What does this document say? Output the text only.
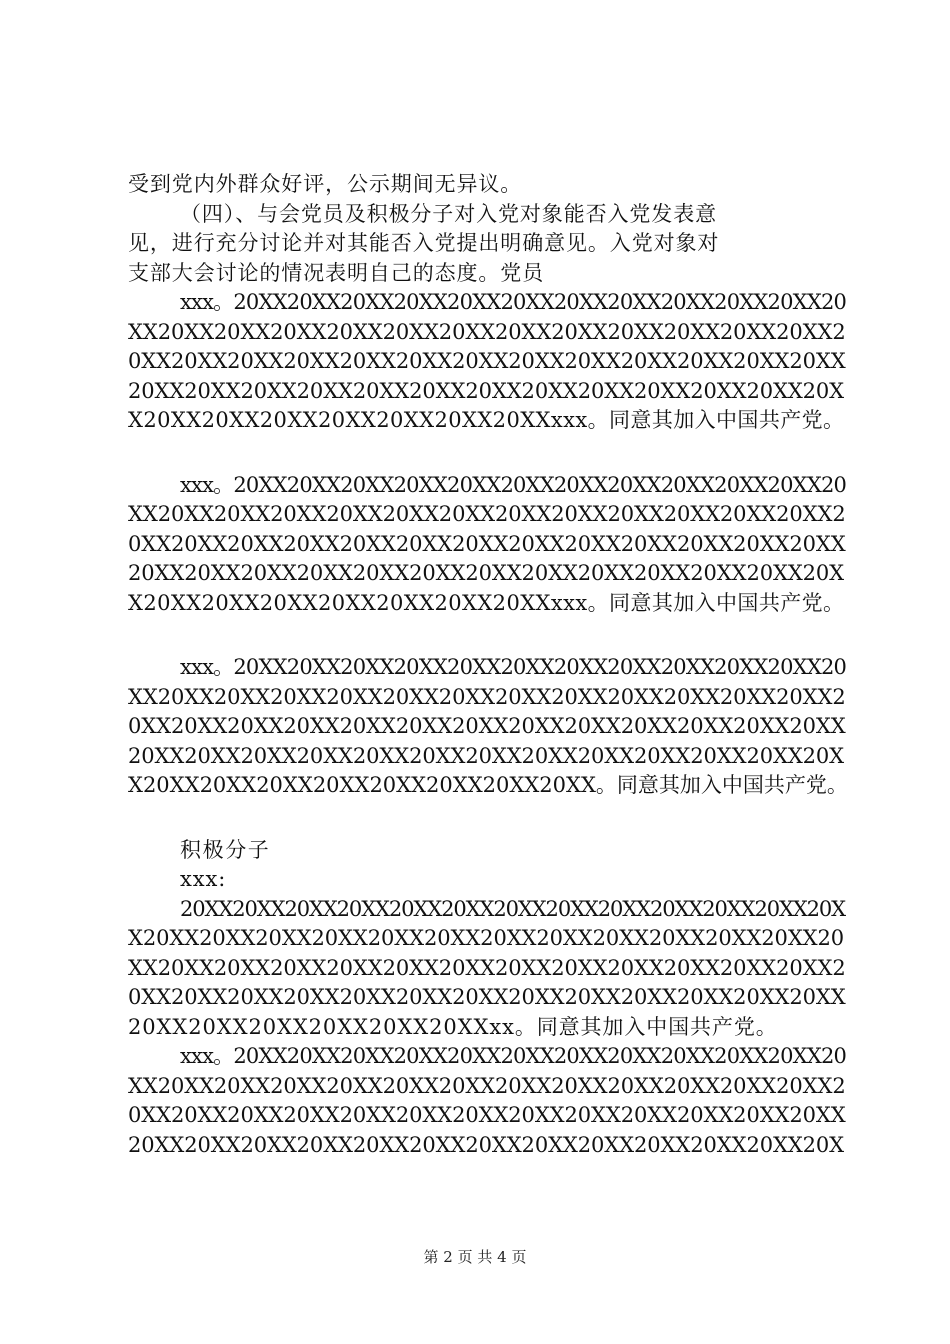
受到党内外群众好评，公示期间无异议。
（四）、与会党员及积极分子对入党对象能否入党发表意
见，进行充分讨论并对其能否入党提出明确意见。入党对象对
支部大会讨论的情况表明自己的态度。党员
xxx。20XX20XX20XX20XX20XX20XX20XX20XX20XX20XX20XX20
XX20XX20XX20XX20XX20XX20XX20XX20XX20XX20XX20XX20XX2
0XX20XX20XX20XX20XX20XX20XX20XX20XX20XX20XX20XX20XX
20XX20XX20XX20XX20XX20XX20XX20XX20XX20XX20XX20XX20X
X20XX20XX20XX20XX20XX20XX20XXxxx。同意其加入中国共产党。
xxx。20XX20XX20XX20XX20XX20XX20XX20XX20XX20XX20XX20
XX20XX20XX20XX20XX20XX20XX20XX20XX20XX20XX20XX20XX2
0XX20XX20XX20XX20XX20XX20XX20XX20XX20XX20XX20XX20XX
20XX20XX20XX20XX20XX20XX20XX20XX20XX20XX20XX20XX20X
X20XX20XX20XX20XX20XX20XX20XXxxx。同意其加入中国共产党。
xxx。20XX20XX20XX20XX20XX20XX20XX20XX20XX20XX20XX20
XX20XX20XX20XX20XX20XX20XX20XX20XX20XX20XX20XX20XX2
0XX20XX20XX20XX20XX20XX20XX20XX20XX20XX20XX20XX20XX
20XX20XX20XX20XX20XX20XX20XX20XX20XX20XX20XX20XX20X
X20XX20XX20XX20XX20XX20XX20XX20XX。同意其加入中国共产党。
积极分子
xxx:
20XX20XX20XX20XX20XX20XX20XX20XX20XX20XX20XX20XX20X
X20XX20XX20XX20XX20XX20XX20XX20XX20XX20XX20XX20XX20
XX20XX20XX20XX20XX20XX20XX20XX20XX20XX20XX20XX20XX2
0XX20XX20XX20XX20XX20XX20XX20XX20XX20XX20XX20XX20XX
20XX20XX20XX20XX20XX20XXxx。同意其加入中国共产党。
xxx。20XX20XX20XX20XX20XX20XX20XX20XX20XX20XX20XX20
XX20XX20XX20XX20XX20XX20XX20XX20XX20XX20XX20XX20XX2
0XX20XX20XX20XX20XX20XX20XX20XX20XX20XX20XX20XX20XX
20XX20XX20XX20XX20XX20XX20XX20XX20XX20XX20XX20XX20X
第 2 页 共 4 页
